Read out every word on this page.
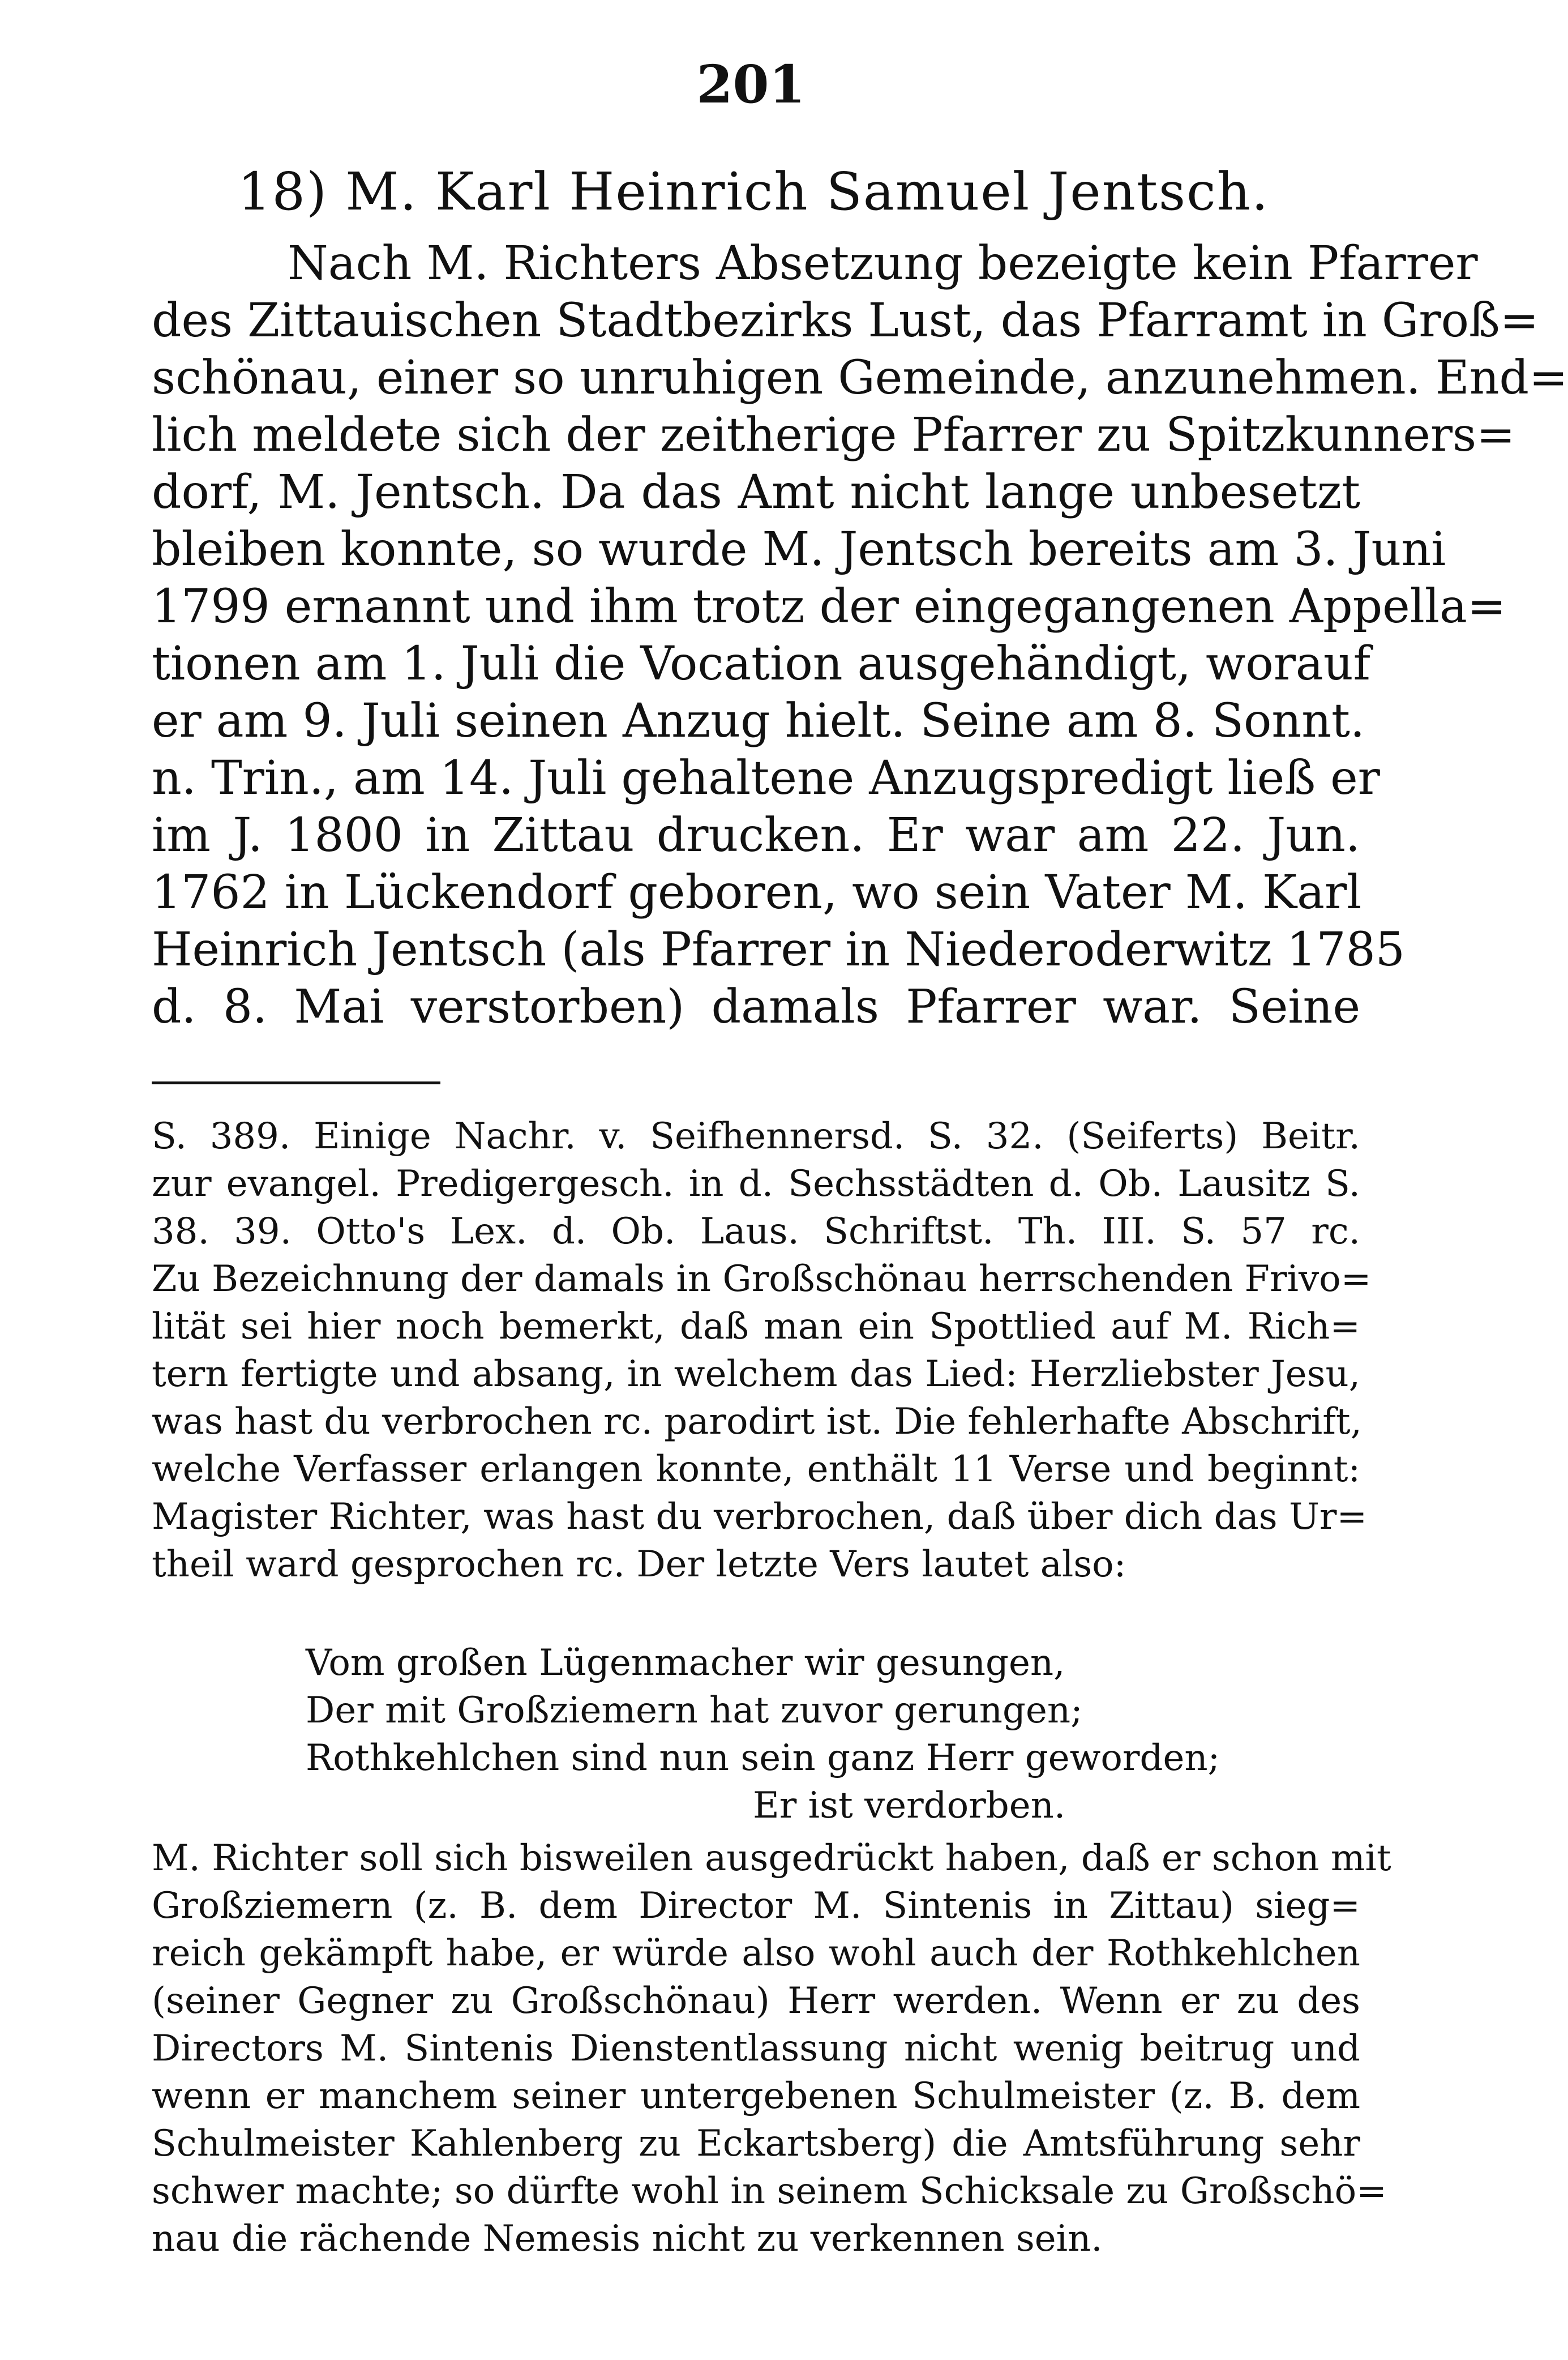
201
18) M. Karl Heinrich Samuel Jentsch.
Nach M. Richters Absetzung bezeigte kein Pfarrer
des Zittauischen Stadtbezirks Lust, das Pfarramt in Groß=
schönau, einer so unruhigen Gemeinde, anzunehmen. End=
lich meldete sich der zeitherige Pfarrer zu Spitzkunners=
dorf, M. Jentsch. Da das Amt nicht lange unbesetzt
bleiben konnte, so wurde M. Jentsch bereits am 3. Juni
1799 ernannt und ihm trotz der eingegangenen Appella=
tionen am 1. Juli die Vocation ausgehändigt, worauf
er am 9. Juli seinen Anzug hielt. Seine am 8. Sonnt.
n. Trin., am 14. Juli gehaltene Anzugspredigt ließ er
im J. 1800 in Zittau drucken. Er war am 22. Jun.
1762 in Lückendorf geboren, wo sein Vater M. Karl
Heinrich Jentsch (als Pfarrer in Niederoderwitz 1785
d. 8. Mai verstorben) damals Pfarrer war. Seine
S. 389. Einige Nachr. v. Seifhennersd. S. 32. (Seiferts) Beitr.
zur evangel. Predigergesch. in d. Sechsstädten d. Ob. Lausitz S.
38. 39. Otto's Lex. d. Ob. Laus. Schriftst. Th. III. S. 57 rc.
Zu Bezeichnung der damals in Großschönau herrschenden Frivo=
lität sei hier noch bemerkt, daß man ein Spottlied auf M. Rich=
tern fertigte und absang, in welchem das Lied: Herzliebster Jesu,
was hast du verbrochen rc. parodirt ist. Die fehlerhafte Abschrift,
welche Verfasser erlangen konnte, enthält 11 Verse und beginnt:
Magister Richter, was hast du verbrochen, daß über dich das Ur=
theil ward gesprochen rc. Der letzte Vers lautet also:
Vom großen Lügenmacher wir gesungen,
Der mit Großziemern hat zuvor gerungen;
Rothkehlchen sind nun sein ganz Herr geworden;
Er ist verdorben.
M. Richter soll sich bisweilen ausgedrückt haben, daß er schon mit
Großziemern (z. B. dem Director M. Sintenis in Zittau) sieg=
reich gekämpft habe, er würde also wohl auch der Rothkehlchen
(seiner Gegner zu Großschönau) Herr werden. Wenn er zu des
Directors M. Sintenis Dienstentlassung nicht wenig beitrug und
wenn er manchem seiner untergebenen Schulmeister (z. B. dem
Schulmeister Kahlenberg zu Eckartsberg) die Amtsführung sehr
schwer machte; so dürfte wohl in seinem Schicksale zu Großschö=
nau die rächende Nemesis nicht zu verkennen sein.
